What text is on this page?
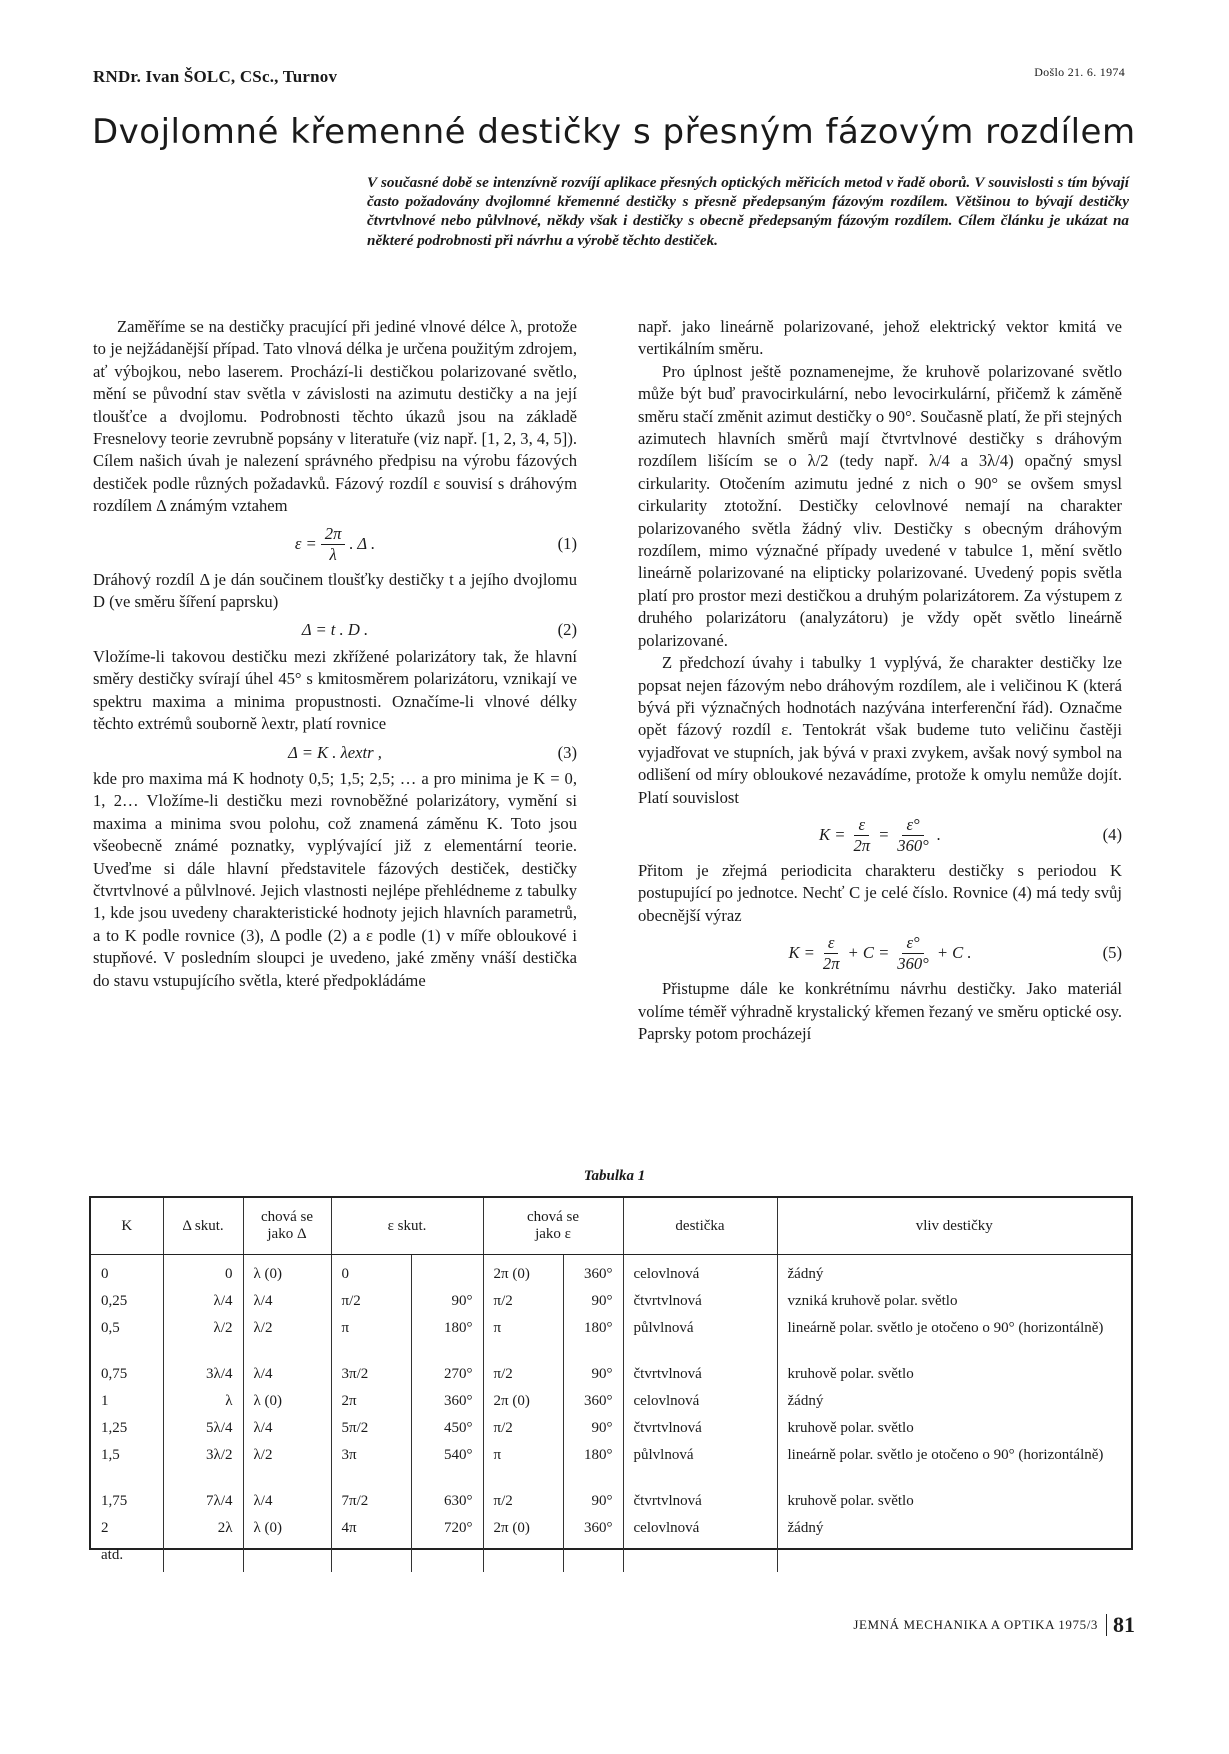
RNDr. Ivan ŠOLC, CSc., Turnov	Došlo 21. 6. 1974
Dvojlomné křemenné destičky s přesným fázovým rozdílem
V současné době se intenzívně rozvíjí aplikace přesných optických měřicích metod v řadě oborů. V souvislosti s tím bývají často požadovány dvojlomné křemenné destičky s přesně předepsaným fázovým rozdílem. Většinou to bývají destičky čtvrtvlnové nebo půlvlnové, někdy však i destičky s obecně předepsaným fázovým rozdílem. Cílem článku je ukázat na některé podrobnosti při návrhu a výrobě těchto destiček.

Zaměříme se na destičky pracující při jediné vlnové délce λ, protože to je nejžádanější případ. Tato vlnová délka je určena použitým zdrojem, ať výbojkou, nebo laserem. Prochází-li destičkou polarizované světlo, mění se původní stav světla v závislosti na azimutu destičky a na její tloušťce a dvojlomu. Podrobnosti těchto úkazů jsou na základě Fresnelovy teorie zevrubně popsány v literatuře (viz např. [1, 2, 3, 4, 5]). Cílem našich úvah je nalezení správného předpisu na výrobu fázových destiček podle různých požadavků. Fázový rozdíl ε souvisí s dráhovým rozdílem Δ známým vztahem

$\varepsilon = \frac{2\pi}{\lambda}$ . Δ .	(1)

Dráhový rozdíl Δ je dán součinem tloušťky destičky t a jejího dvojlomu D (ve směru šíření paprsku)

Δ = t . D .	(2)

Vložíme-li takovou destičku mezi zkřížené polarizátory tak, že hlavní směry destičky svírají úhel 45° s kmitosměrem polarizátoru, vznikají ve spektru maxima a minima propustnosti. Označíme-li vlnové délky těchto extrémů souborně λextr, platí rovnice

Δ = K . λextr ,	(3)

kde pro maxima má K hodnoty 0,5; 1,5; 2,5; … a pro minima je K = 0, 1, 2… Vložíme-li destičku mezi rovnoběžné polarizátory, vymění si maxima a minima svou polohu, což znamená záměnu K. Toto jsou všeobecně známé poznatky, vyplývající již z elementární teorie. Uveďme si dále hlavní představitele fázových destiček, destičky čtvrtvlnové a půlvlnové. Jejich vlastnosti nejlépe přehlédneme z tabulky 1, kde jsou uvedeny charakteristické hodnoty jejich hlavních parametrů, a to K podle rovnice (3), Δ podle (2) a ε podle (1) v míře obloukové i stupňové. V posledním sloupci je uvedeno, jaké změny vnáší destička do stavu vstupujícího světla, které předpokládáme

např. jako lineárně polarizované, jehož elektrický vektor kmitá ve vertikálním směru.

Pro úplnost ještě poznamenejme, že kruhově polarizované světlo může být buď pravocirkulární, nebo levocirkulární, přičemž k záměně směru stačí změnit azimut destičky o 90°. Současně platí, že při stejných azimutech hlavních směrů mají čtvrtvlnové destičky s dráhovým rozdílem lišícím se o λ/2 (tedy např. λ/4 a 3λ/4) opačný smysl cirkularity. Otočením azimutu jedné z nich o 90° se ovšem smysl cirkularity ztotožní. Destičky celovlnové nemají na charakter polarizovaného světla žádný vliv. Destičky s obecným dráhovým rozdílem, mimo význačné případy uvedené v tabulce 1, mění světlo lineárně polarizované na elipticky polarizované. Uvedený popis světla platí pro prostor mezi destičkou a druhým polarizátorem. Za výstupem z druhého polarizátoru (analyzátoru) je vždy opět světlo lineárně polarizované.

Z předchozí úvahy i tabulky 1 vyplývá, že charakter destičky lze popsat nejen fázovým nebo dráhovým rozdílem, ale i veličinou K (která bývá při význačných hodnotách nazývána interferenční řád). Označme opět fázový rozdíl ε. Tentokrát však budeme tuto veličinu častěji vyjadřovat ve stupních, jak bývá v praxi zvykem, avšak nový symbol na odlišení od míry obloukové nezavádíme, protože k omylu nemůže dojít. Platí souvislost

$K = \frac{\varepsilon}{2\pi} = \frac{\varepsilon^\circ}{360^\circ}$ .	(4)

Přitom je zřejmá periodicita charakteru destičky s periodou K postupující po jednotce. Nechť C je celé číslo. Rovnice (4) má tedy svůj obecnější výraz

$K = \frac{\varepsilon}{2\pi} + C = \frac{\varepsilon^\circ}{360^\circ} + C$ .	(5)

Přistupme dále ke konkrétnímu návrhu destičky. Jako materiál volíme téměř výhradně krystalický křemen řezaný ve směru optické osy. Paprsky potom procházejí

Tabulka 1
K	Δ skut.	chová se
jako Δ	ε skut.		chová se
jako ε		destička	vliv destičky
0	0	λ (0)	0		2π (0)	360°	celovlnová	žádný
0,25	λ/4	λ/4	π/2	90°	π/2	90°	čtvrtvlnová	vzniká kruhově polar. světlo
0,5	λ/2	λ/2	π	180°	π	180°	půlvlnová	lineárně polar. světlo je otočeno o 90° (horizontálně)
0,75	3λ/4	λ/4	3π/2	270°	π/2	90°	čtvrtvlnová	kruhově polar. světlo
1	λ	λ (0)	2π	360°	2π (0)	360°	celovlnová	žádný
1,25	5λ/4	λ/4	5π/2	450°	π/2	90°	čtvrtvlnová	kruhově polar. světlo
1,5	3λ/2	λ/2	3π	540°	π	180°	půlvlnová	lineárně polar. světlo je otočeno o 90° (horizontálně)
1,75	7λ/4	λ/4	7π/2	630°	π/2	90°	čtvrtvlnová	kruhově polar. světlo
2	2λ	λ (0)	4π	720°	2π (0)	360°	celovlnová	žádný
atd.								
JEMNÁ MECHANIKA A OPTIKA 1975/3 81
